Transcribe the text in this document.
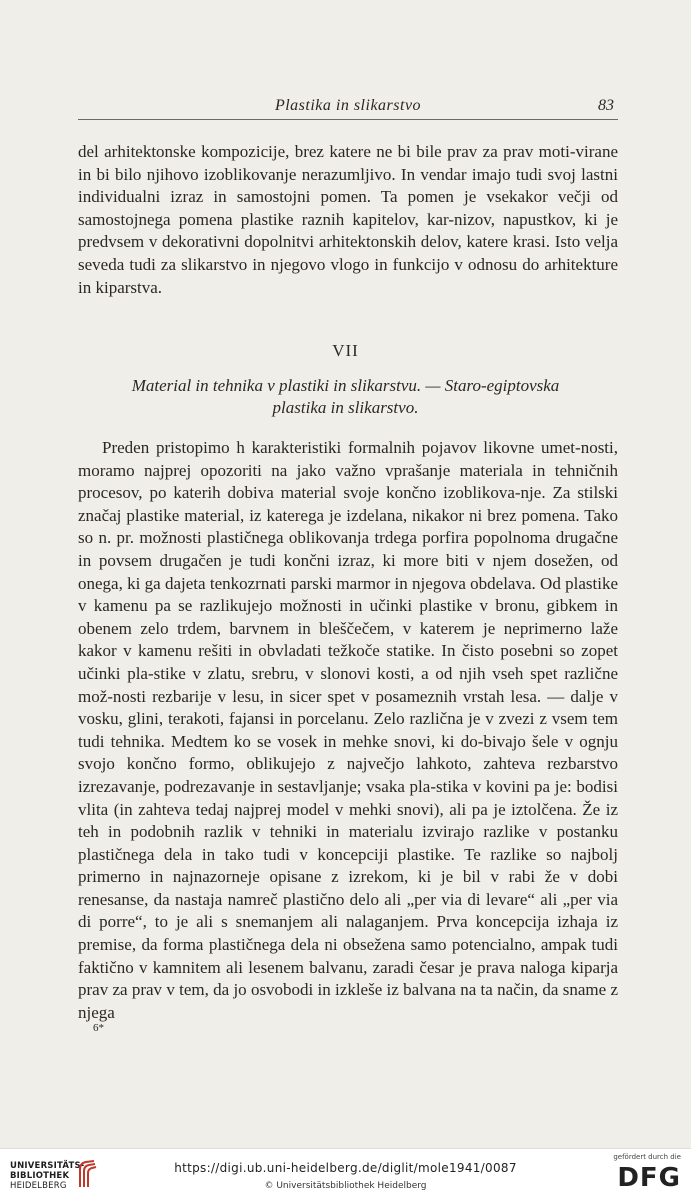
Plastika in slikarstvo	83

del arhitektonske kompozicije, brez katere ne bi bile prav za prav moti-virane in bi bilo njihovo izoblikovanje nerazumljivo. In vendar imajo tudi svoj lastni individualni izraz in samostojni pomen. Ta pomen je vsekakor večji od samostojnega pomena plastike raznih kapitelov, kar-nizov, napustkov, ki je predvsem v dekorativni dopolnitvi arhitektonskih delov, katere krasi. Isto velja seveda tudi za slikarstvo in njegovo vlogo in funkcijo v odnosu do arhitekture in kiparstva.

VII
Material in tehnika v plastiki in slikarstvu. — Staro-egiptovska plastika in slikarstvo.

Preden pristopimo h karakteristiki formalnih pojavov likovne umet-nosti, moramo najprej opozoriti na jako važno vprašanje materiala in tehničnih procesov, po katerih dobiva material svoje končno izoblikova-nje. Za stilski značaj plastike material, iz katerega je izdelana, nikakor ni brez pomena. Tako so n. pr. možnosti plastičnega oblikovanja trdega porfira popolnoma drugačne in povsem drugačen je tudi končni izraz, ki more biti v njem dosežen, od onega, ki ga dajeta tenkozrnati parski marmor in njegova obdelava. Od plastike v kamenu pa se razlikujejo možnosti in učinki plastike v bronu, gibkem in obenem zelo trdem, barvnem in bleščečem, v katerem je neprimerno laže kakor v kamenu rešiti in obvladati težkoče statike. In čisto posebni so zopet učinki pla-stike v zlatu, srebru, v slonovi kosti, a od njih vseh spet različne mož-nosti rezbarije v lesu, in sicer spet v posameznih vrstah lesa. — dalje v vosku, glini, terakoti, fajansi in porcelanu. Zelo različna je v zvezi z vsem tem tudi tehnika. Medtem ko se vosek in mehke snovi, ki do-bivajo šele v ognju svojo končno formo, oblikujejo z največjo lahkoto, zahteva rezbarstvo izrezavanje, podrezavanje in sestavljanje; vsaka pla-stika v kovini pa je: bodisi vlita (in zahteva tedaj najprej model v mehki snovi), ali pa je iztolčena. Že iz teh in podobnih razlik v tehniki in materialu izvirajo razlike v postanku plastičnega dela in tako tudi v koncepciji plastike. Te razlike so najbolj primerno in najnazorneje opisane z izrekom, ki je bil v rabi že v dobi renesanse, da nastaja namreč plastično delo ali „per via di levare“ ali „per via di porre“, to je ali s snemanjem ali nalaganjem. Prva koncepcija izhaja iz premise, da forma plastičnega dela ni obsežena samo potencialno, ampak tudi faktično v kamnitem ali lesenem balvanu, zaradi česar je prava naloga kiparja prav za prav v tem, da jo osvobodi in izkleše iz balvana na ta način, da sname z njega

6*
UNIVERSITÄTS-
BIBLIOTHEK
HEIDELBERG
https://digi.ub.uni-heidelberg.de/diglit/mole1941/0087
© Universitätsbibliothek Heidelberg
gefördert durch die
DFG
